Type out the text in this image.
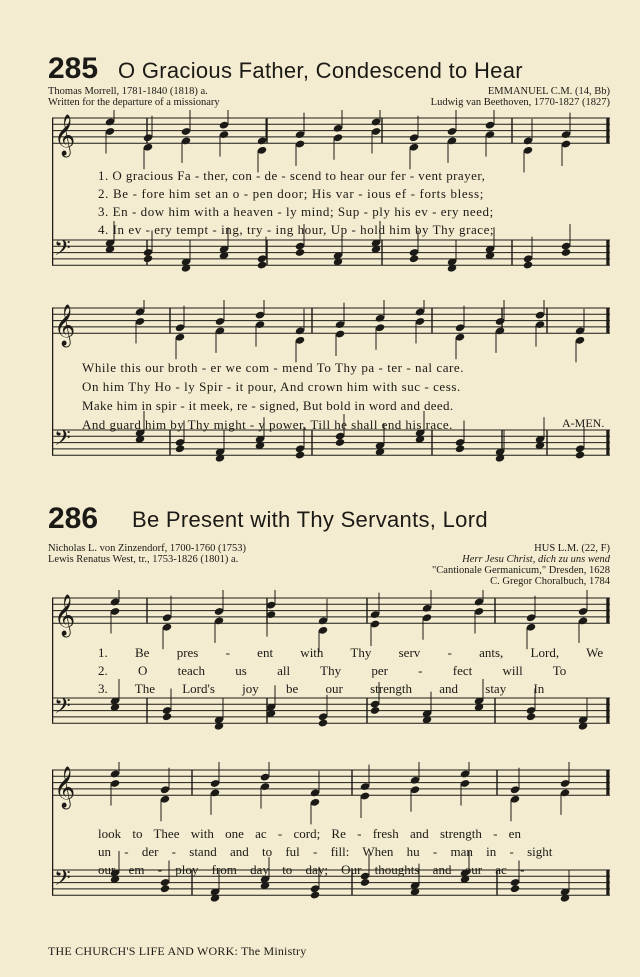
285 O Gracious Father, Condescend to Hear
Thomas Morrell, 1781-1840 (1818) a.
Written for the departure of a missionary
EMMANUEL C.M. (14, Bb)
Ludwig van Beethoven, 1770-1827 (1827)
𝄞
𝄢
1. O gracious Fa - ther, con - de - scend to hear our fer - vent prayer,
2. Be - fore him set an o - pen door; His var - ious ef - forts bless;
3. En - dow him with a heaven - ly mind; Sup - ply his ev - ery need;
4. In ev - ery tempt - ing, try - ing hour, Up - hold him by Thy grace;
𝄞
𝄢
While this our broth - er we com - mend To Thy pa - ter - nal care.
On him Thy Ho - ly Spir - it pour, And crown him with suc - cess.
Make him in spir - it meek, re - signed, But bold in word and deed.
And guard him by Thy might - y power, Till he shall end his race.	A-MEN.
286 Be Present with Thy Servants, Lord
Nicholas L. von Zinzendorf, 1700-1760 (1753)
Lewis Renatus West, tr., 1753-1826 (1801) a.
HUS L.M. (22, F)
Herr Jesu Christ, dich zu uns wend
"Cantionale Germanicum," Dresden, 1628
C. Gregor Choralbuch, 1784
𝄞
𝄢
1. Be pres - ent with Thy serv - ants, Lord, We
2. O teach us all Thy per - fect will To
3. The Lord's joy be our strength and stay In
𝄞
𝄢
look to Thee with one ac - cord; Re - fresh and strength - en
un - der - stand and to ful - fill: When hu - man in - sight
our em - ploy from day to day; Our thoughts and our ac -
THE CHURCH'S LIFE AND WORK: The Ministry
